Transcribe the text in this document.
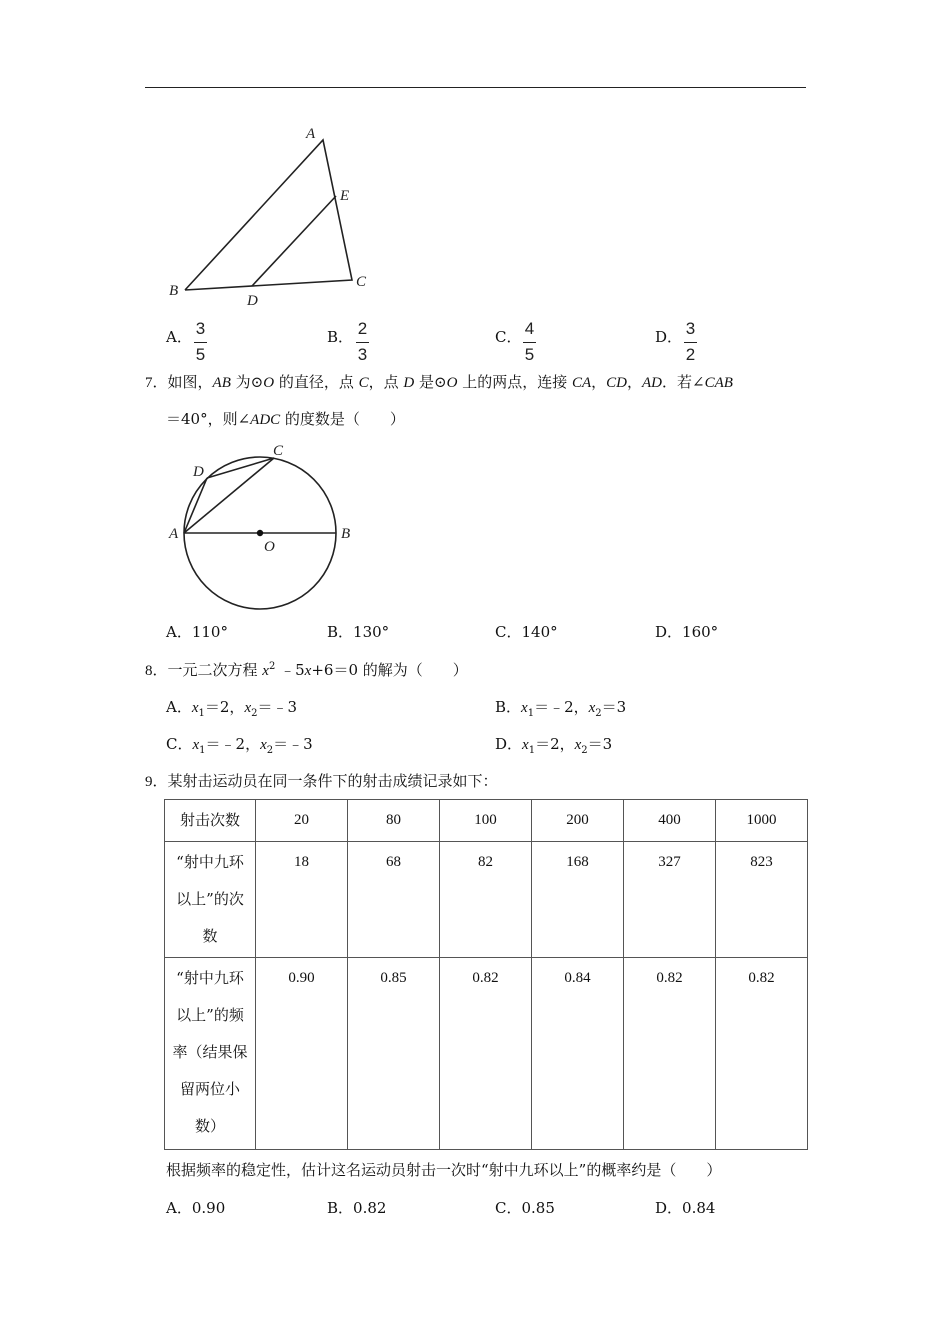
A
E
C
B
D
A． 3
5
B． 2
3
C． 4
5
D． 3
2
7．如图，AB 为⊙O 的直径，点 C，点 D 是⊙O 上的两点，连接 CA，CD，AD．若∠CAB
＝40°，则∠ADC 的度数是（　　）
C
D
A
O
B
A．110°	B．130°	C．140°	D．160°
8．一元二次方程 $x^2$ ﹣5x+6＝0 的解为（　　）
A．$x_1=2$，$x_2=﹣3$	B．$x_1=﹣2$，$x_2=3$
C．$x_1=﹣2$，$x_2=﹣3$	D．$x_1=2$，$x_2=3$
9．某射击运动员在同一条件下的射击成绩记录如下：
射击次数	20	80	100	200	400	1000

“射中九环
以上”的次
数	18	68	82	168	327	823

“射中九环
以上”的频
率（结果保
留两位小
数）	0.90	0.85	0.82	0.84	0.82	0.82
根据频率的稳定性，估计这名运动员射击一次时“射中九环以上”的概率约是（　　）
A．0.90	B．0.82	C．0.85	D．0.84
